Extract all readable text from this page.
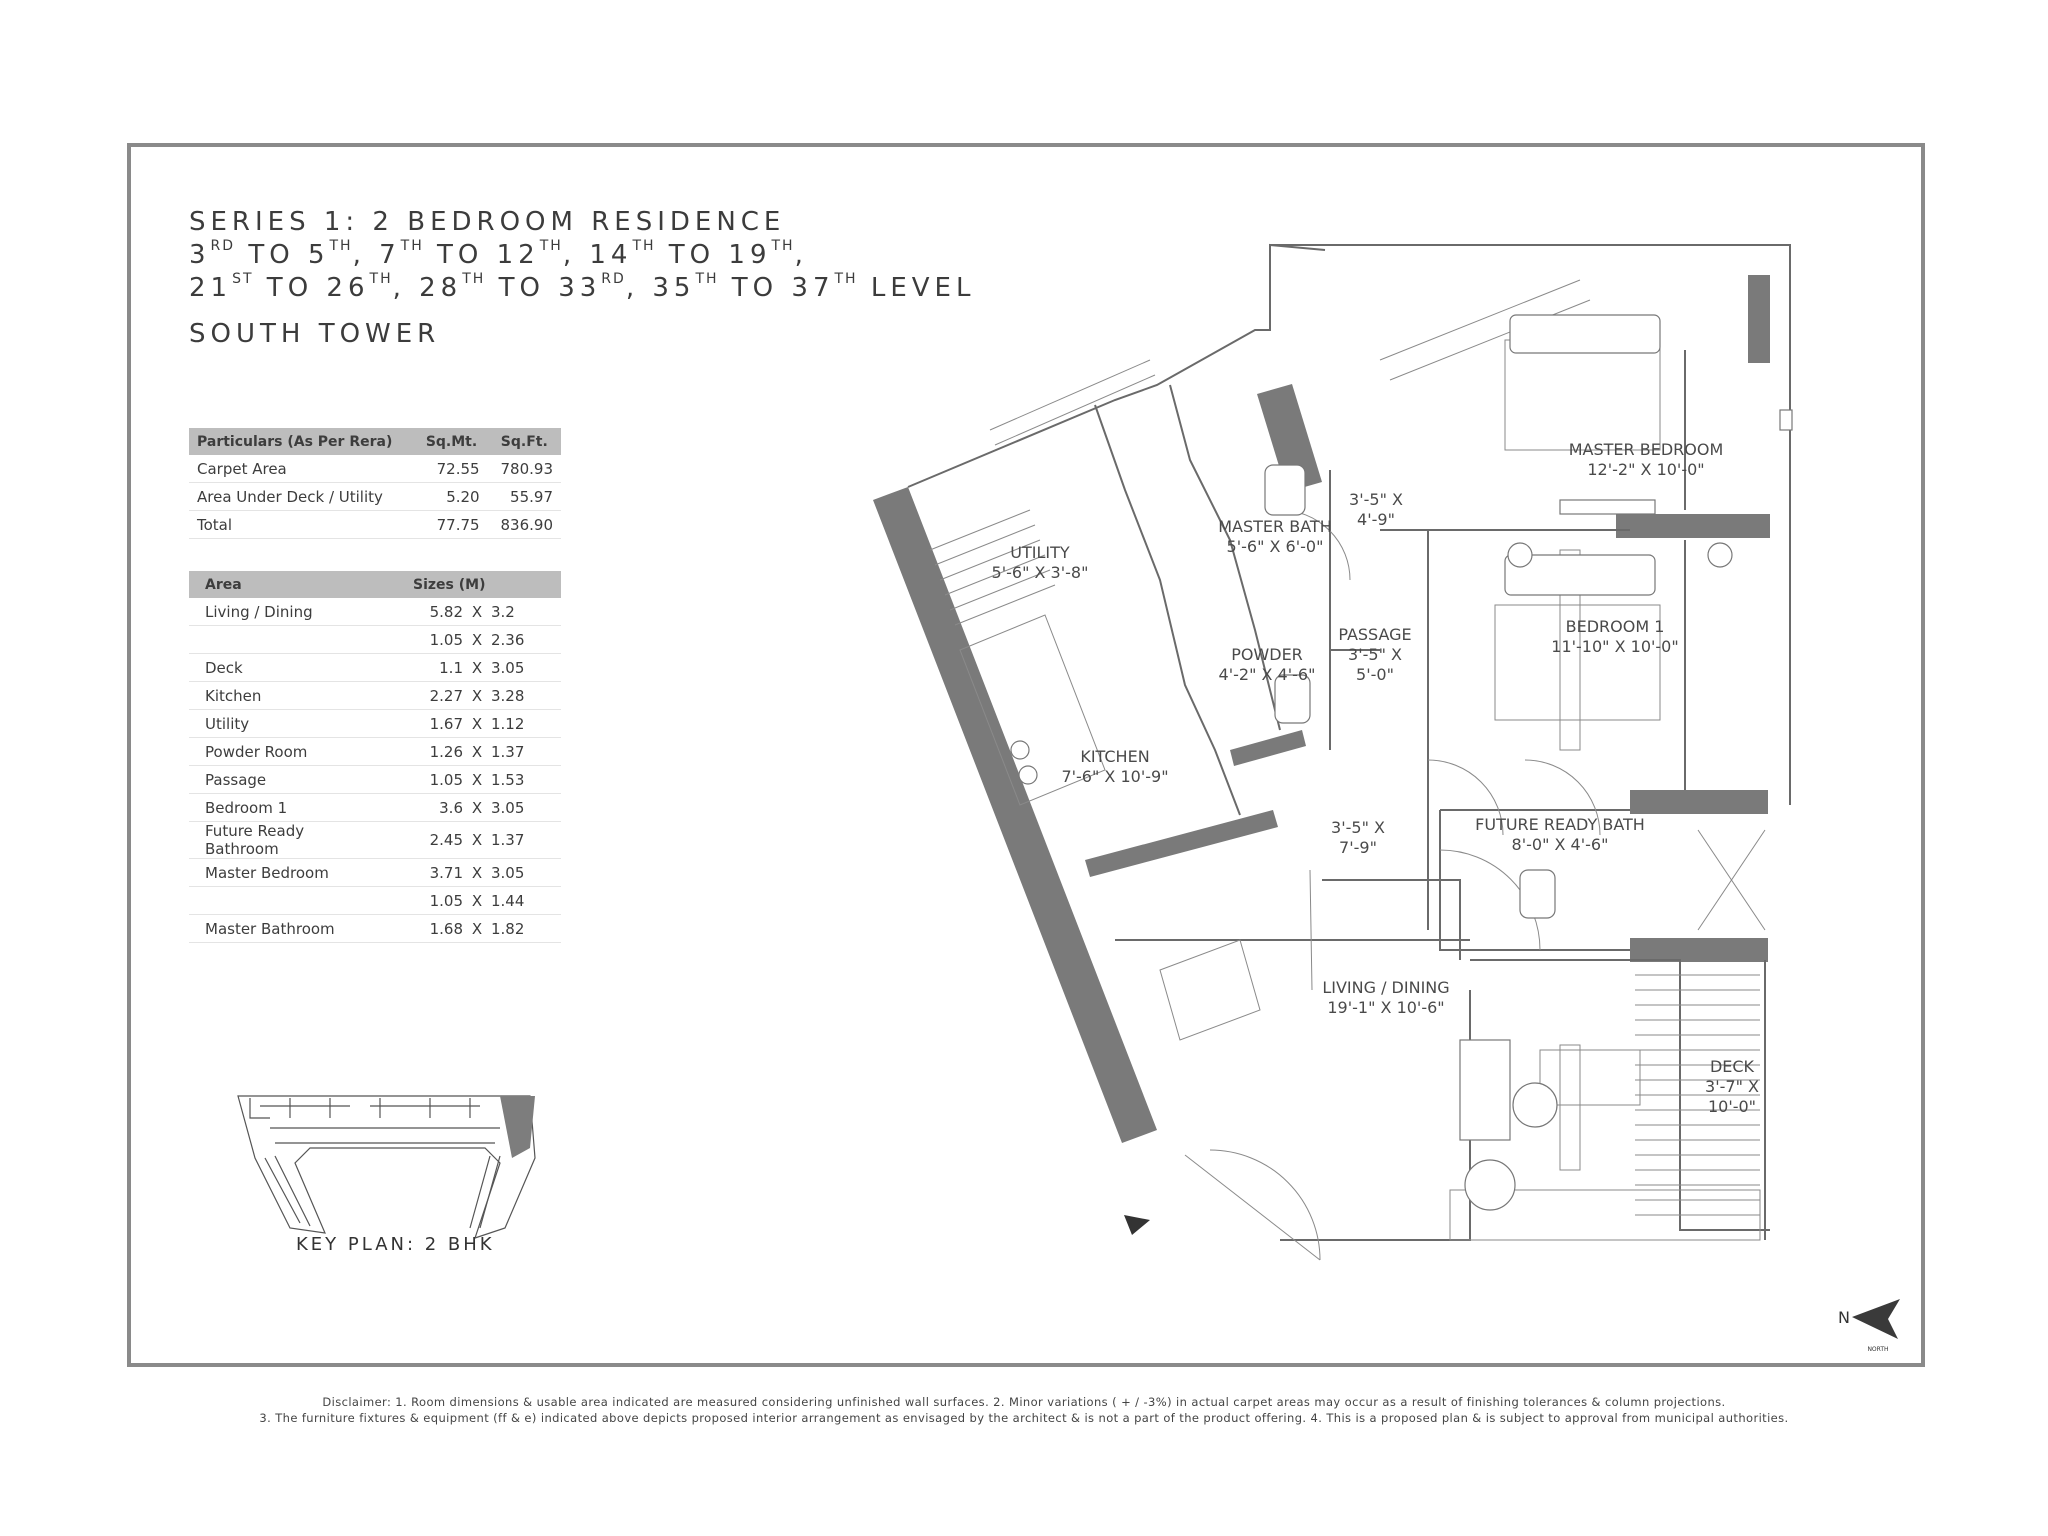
SERIES 1: 2 BEDROOM RESIDENCE
3RD TO 5TH, 7TH TO 12TH, 14TH TO 19TH,
21ST TO 26TH, 28TH TO 33RD, 35TH TO 37TH LEVEL
SOUTH TOWER
Particulars (As Per Rera)	Sq.Mt.	Sq.Ft.
Carpet Area	72.55	780.93
Area Under Deck / Utility	5.20	55.97
Total	77.75	836.90
Area	Sizes (M)		
Living / Dining	5.82	X	3.2
	1.05	X	2.36
Deck	1.1	X	3.05
Kitchen	2.27	X	3.28
Utility	1.67	X	1.12
Powder Room	1.26	X	1.37
Passage	1.05	X	1.53
Bedroom 1	3.6	X	3.05
Future Ready Bathroom	2.45	X	1.37
Master Bedroom	3.71	X	3.05
	1.05	X	1.44
Master Bathroom	1.68	X	1.82
KEY PLAN: 2 BHK
MASTER BEDROOM
12'-2" X 10'-0"
MASTER BATH
5'-6" X 6'-0"
3'-5" X
4'-9"
UTILITY
5'-6" X 3'-8"
BEDROOM 1
11'-10" X 10'-0"
POWDER
4'-2" X 4'-6"
PASSAGE
3'-5" X
5'-0"
KITCHEN
7'-6" X 10'-9"
3'-5" X
7'-9"
FUTURE READY BATH
8'-0" X 4'-6"
LIVING / DINING
19'-1" X 10'-6"
DECK
3'-7" X
10'-0"
N
NORTH
Disclaimer: 1. Room dimensions & usable area indicated are measured considering unfinished wall surfaces. 2. Minor variations ( + / -3%) in actual carpet areas may occur as a result of finishing tolerances & column projections.
3. The furniture fixtures & equipment (ff & e) indicated above depicts proposed interior arrangement as envisaged by the architect & is not a part of the product offering. 4. This is a proposed plan & is subject to approval from municipal authorities.
